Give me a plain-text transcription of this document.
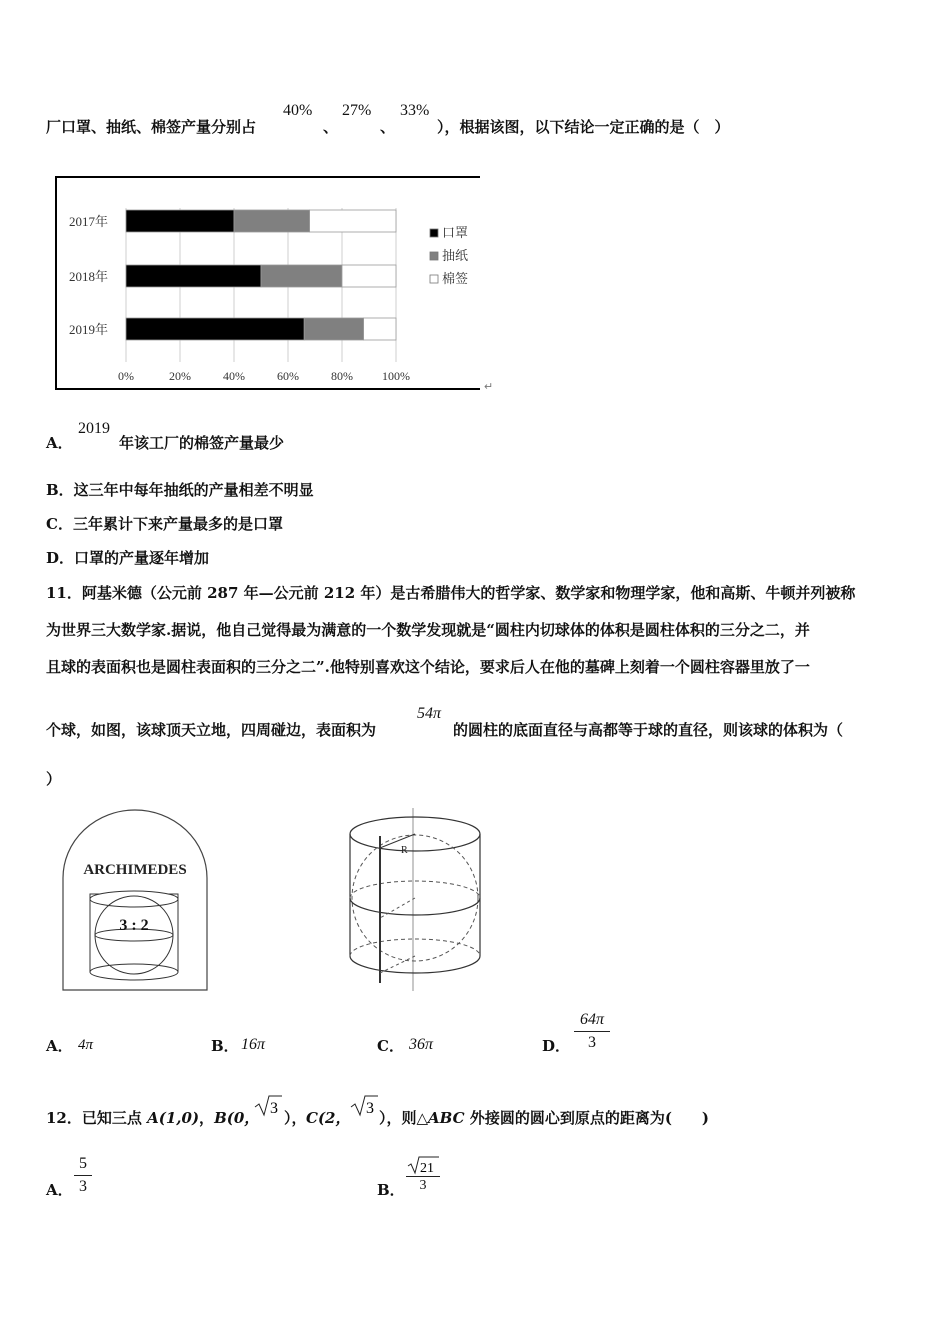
厂口罩、抽纸、棉签产量分别占
40%
、
27%
、
33%
），根据该图，以下结论一定正确的是（　）
2017年
2018年
2019年
0%	20%	40%	60%	80% 100%
口罩
抽纸
棉签
↵
A．
2019
年该工厂的棉签产量最少
B．这三年中每年抽纸的产量相差不明显
C．三年累计下来产量最多的是口罩
D．口罩的产量逐年增加
11．阿基米德（公元前 287 年—公元前 212 年）是古希腊伟大的哲学家、数学家和物理学家，他和高斯、牛顿并列被称
为世界三大数学家.据说，他自己觉得最为满意的一个数学发现就是“圆柱内切球体的体积是圆柱体积的三分之二，并
且球的表面积也是圆柱表面积的三分之二”.他特别喜欢这个结论，要求后人在他的墓碑上刻着一个圆柱容器里放了一
个球，如图，该球顶天立地，四周碰边，表面积为
54π
的圆柱的底面直径与高都等于球的直径，则该球的体积为（
）
ARCHIMEDES
3 : 2
R
A． 4π	B． 16π	C． 36π	D．
64π
3
12．已知三点 A(1,0)，B(0，
3
）， C(2，
3
），则△ABC 外接圆的圆心到原点的距离为(　　)
A．
5
3	B．
21
3
